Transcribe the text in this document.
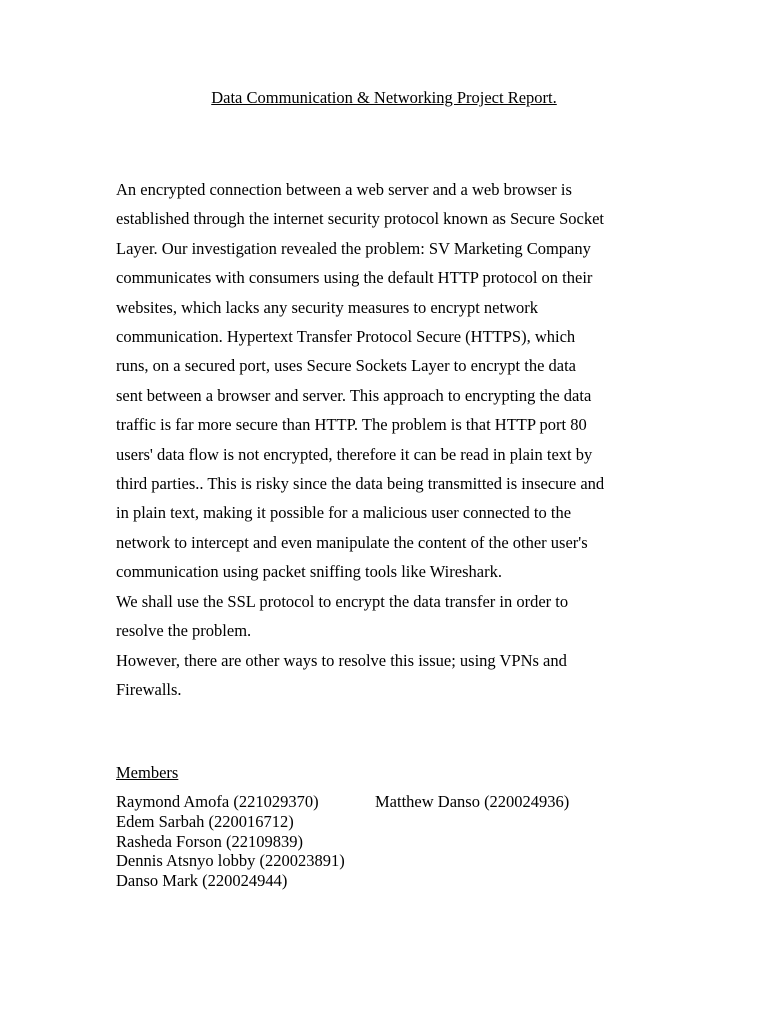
Data Communication & Networking Project Report.

An encrypted connection between a web server and a web browser is
established through the internet security protocol known as Secure Socket
Layer. Our investigation revealed the problem: SV Marketing Company
communicates with consumers using the default HTTP protocol on their
websites, which lacks any security measures to encrypt network
communication. Hypertext Transfer Protocol Secure (HTTPS), which
runs, on a secured port, uses Secure Sockets Layer to encrypt the data
sent between a browser and server. This approach to encrypting the data
traffic is far more secure than HTTP. The problem is that HTTP port 80
users' data flow is not encrypted, therefore it can be read in plain text by
third parties.. This is risky since the data being transmitted is insecure and
in plain text, making it possible for a malicious user connected to the
network to intercept and even manipulate the content of the other user's
communication using packet sniffing tools like Wireshark.

We shall use the SSL protocol to encrypt the data transfer in order to
resolve the problem.

However, there are other ways to resolve this issue; using VPNs and
Firewalls.

Members
Raymond Amofa (221029370)	Matthew Danso (220024936)
Edem Sarbah (220016712)
Rasheda Forson (22109839)
Dennis Atsnyo lobby (220023891)
Danso Mark (220024944)
